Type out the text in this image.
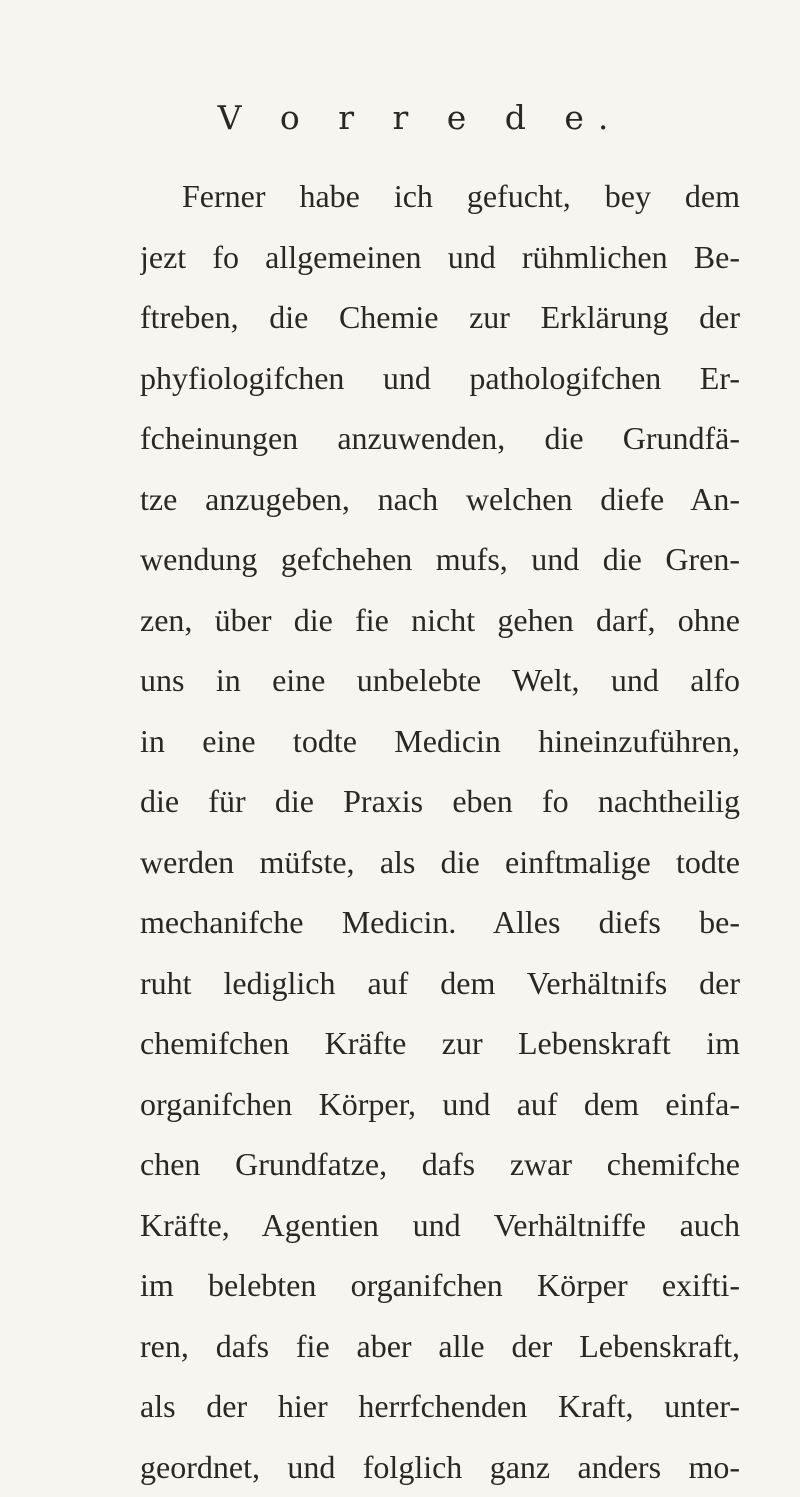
V o r r e d e.
Ferner habe ich gefucht, bey dem
jezt fo allgemeinen und rühmlichen Be-
ftreben, die Chemie zur Erklärung der
phyfiologifchen und pathologifchen Er-
fcheinungen anzuwenden, die Grundfä-
tze anzugeben, nach welchen diefe An-
wendung gefchehen mufs, und die Gren-
zen, über die fie nicht gehen darf, ohne
uns in eine unbelebte Welt, und alfo
in eine todte Medicin hineinzuführen,
die für die Praxis eben fo nachtheilig
werden müfste, als die einftmalige todte
mechanifche Medicin. Alles diefs be-
ruht lediglich auf dem Verhältnifs der
chemifchen Kräfte zur Lebenskraft im
organifchen Körper, und auf dem einfa-
chen Grundfatze, dafs zwar chemifche
Kräfte, Agentien und Verhältniffe auch
im belebten organifchen Körper exifti-
ren, dafs fie aber alle der Lebenskraft,
als der hier herrfchenden Kraft, unter-
geordnet, und folglich ganz anders mo-
